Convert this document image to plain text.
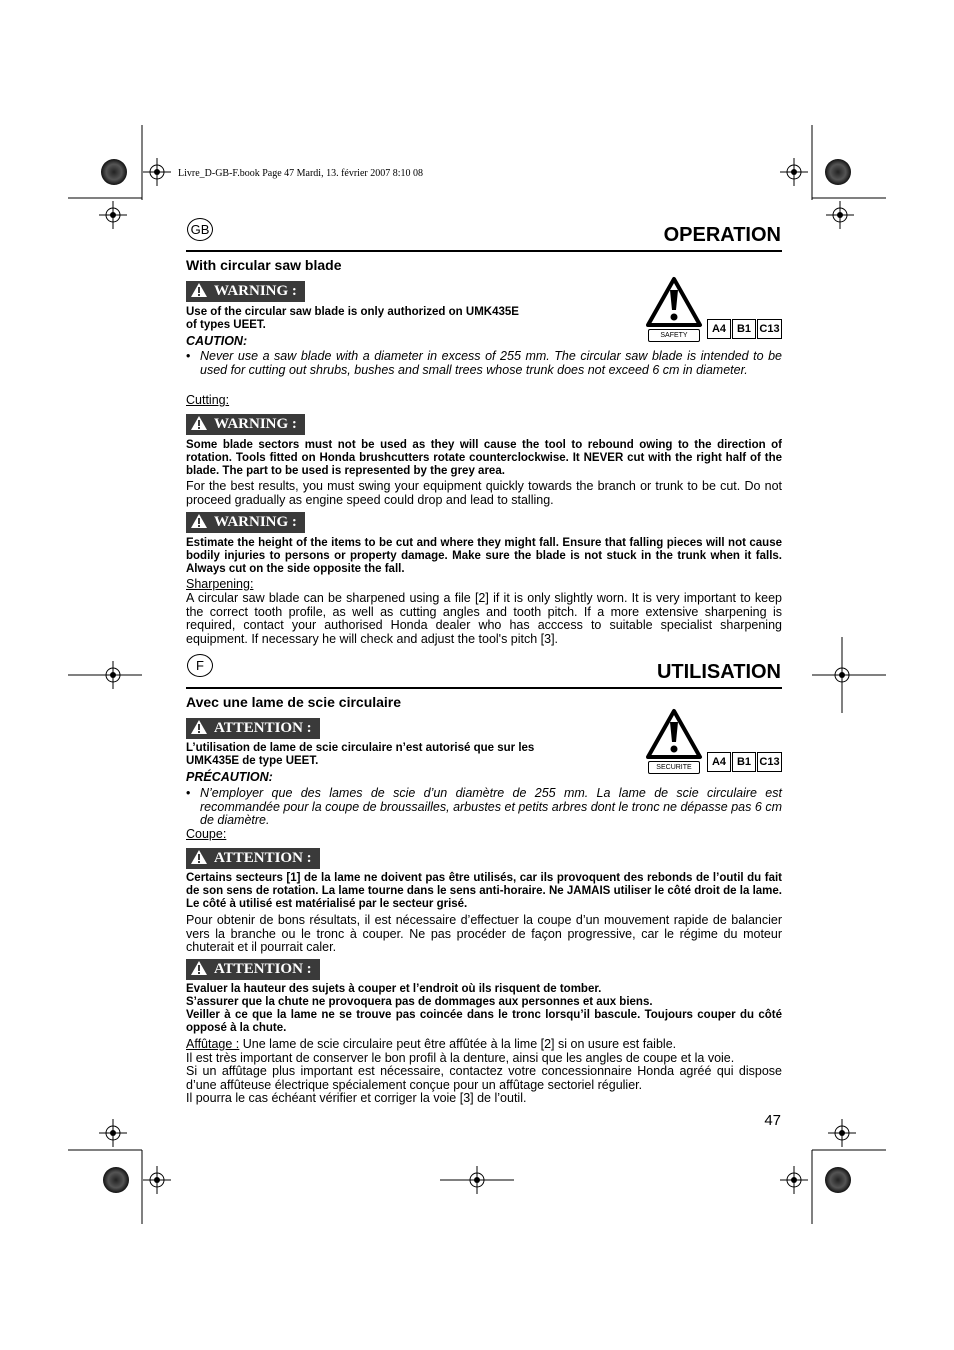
Livre_D-GB-F.book Page 47 Mardi, 13. février 2007 8:10 08
GB	OPERATION
With circular saw blade
WARNING :
Use of the circular saw blade is only authorized on UMK435E
of types UEET.
SAFETY
A4 B1 C13
CAUTION:
• Never use a saw blade with a diameter in excess of 255 mm. The circular saw blade is intended to be used for cutting out shrubs, bushes and small trees whose trunk does not exceed 6 cm in diameter.
Cutting:
WARNING :
Some blade sectors must not be used as they will cause the tool to rebound owing to the direction of rotation. Tools fitted on Honda brushcutters rotate counterclockwise. It NEVER cut with the right half of the blade. The part to be used is represented by the grey area.
For the best results, you must swing your equipment quickly towards the branch or trunk to be cut. Do not proceed gradually as engine speed could drop and lead to stalling.
WARNING :
Estimate the height of the items to be cut and where they might fall. Ensure that falling pieces will not cause bodily injuries to persons or property damage. Make sure the blade is not stuck in the trunk when it falls. Always cut on the side opposite the fall.
Sharpening:
A circular saw blade can be sharpened using a file [2] if it is only slightly worn. It is very important to keep the correct tooth profile, as well as cutting angles and tooth pitch. If a more extensive sharpening is required, contact your authorised Honda dealer who has acccess to suitable specialist sharpening equipment. If necessary he will check and adjust the tool's pitch [3].
F	UTILISATION
Avec une lame de scie circulaire
ATTENTION :
L’utilisation de lame de scie circulaire n’est autorisé que sur les
UMK435E de type UEET.
SECURITE	A4 B1 C13
PRÉCAUTION:
• N’employer que des lames de scie d’un diamètre de 255 mm. La lame de scie circulaire est recommandée pour la coupe de broussailles, arbustes et petits arbres dont le tronc ne dépasse pas 6 cm de diamètre.
Coupe:
ATTENTION :
Certains secteurs [1] de la lame ne doivent pas être utilisés, car ils provoquent des rebonds de l’outil du fait de son sens de rotation. La lame tourne dans le sens anti-horaire. Ne JAMAIS utiliser le côté droit de la lame. Le côté à utilisé est matérialisé par le secteur grisé.
Pour obtenir de bons résultats, il est nécessaire d’effectuer la coupe d’un mouvement rapide de balancier vers la branche ou le tronc à couper. Ne pas procéder de façon progressive, car le régime du moteur chuterait et il pourrait caler.
ATTENTION :
Evaluer la hauteur des sujets à couper et l’endroit où ils risquent de tomber.
S’assurer que la chute ne provoquera pas de dommages aux personnes et aux biens.
Veiller à ce que la lame ne se trouve pas coincée dans le tronc lorsqu’il bascule. Toujours couper du côté opposé à la chute.
Affûtage : Une lame de scie circulaire peut être affûtée à la lime [2] si on usure est faible.
Il est très important de conserver le bon profil à la denture, ainsi que les angles de coupe et la voie.
Si un affûtage plus important est nécessaire, contactez votre concessionnaire Honda agréé qui dispose d’une affûteuse électrique spécialement conçue pour un affûtage sectoriel régulier.
Il pourra le cas échéant vérifier et corriger la voie [3] de l’outil.
47
